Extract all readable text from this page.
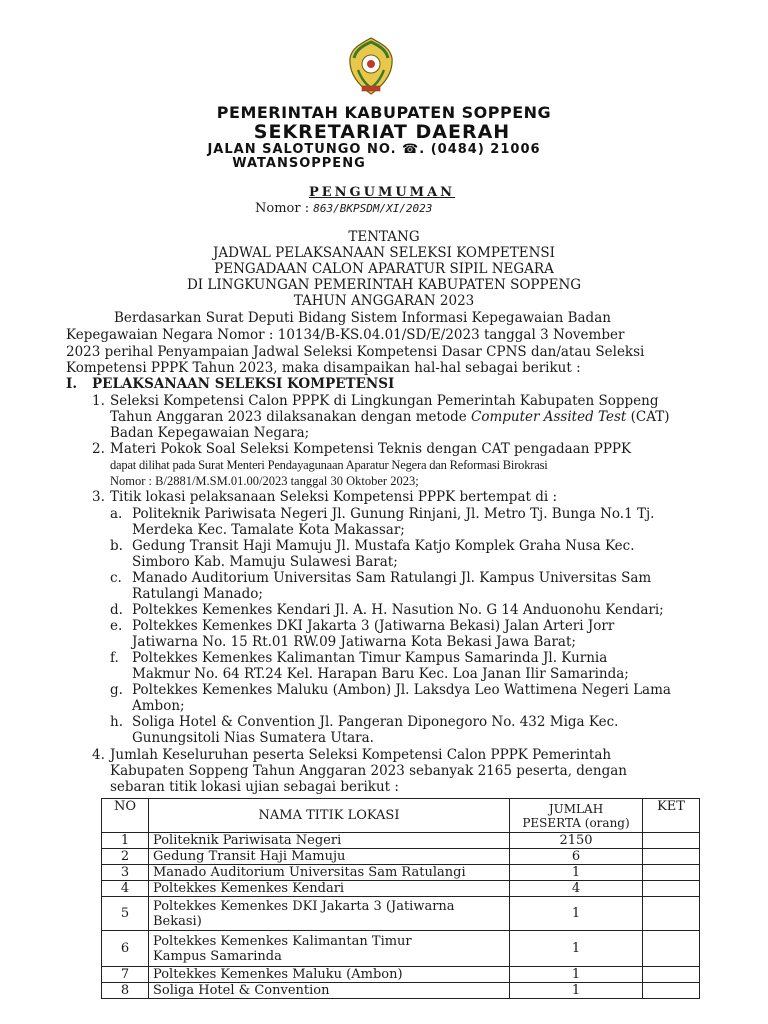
PEMERINTAH KABUPATEN SOPPENG
SEKRETARIAT DAERAH
JALAN SALOTUNGO NO. ☎. (0484) 21006
WATANSOPPENG
PENGUMUMAN
Nomor : 863/BKPSDM/XI/2023
TENTANG
JADWAL PELAKSANAAN SELEKSI KOMPETENSI
PENGADAAN CALON APARATUR SIPIL NEGARA
DI LINGKUNGAN PEMERINTAH KABUPATEN SOPPENG
TAHUN ANGGARAN 2023
Berdasarkan Surat Deputi Bidang Sistem Informasi Kepegawaian Badan
Kepegawaian Negara Nomor : 10134/B-KS.04.01/SD/E/2023 tanggal 3 November
2023 perihal Penyampaian Jadwal Seleksi Kompetensi Dasar CPNS dan/atau Seleksi
Kompetensi PPPK Tahun 2023, maka disampaikan hal-hal sebagai berikut :
I. PELAKSANAAN SELEKSI KOMPETENSI
1. Seleksi Kompetensi Calon PPPK di Lingkungan Pemerintah Kabupaten Soppeng
Tahun Anggaran 2023 dilaksanakan dengan metode Computer Assited Test (CAT)
Badan Kepegawaian Negara;
2. Materi Pokok Soal Seleksi Kompetensi Teknis dengan CAT pengadaan PPPK
dapat dilihat pada Surat Menteri Pendayagunaan Aparatur Negera dan Reformasi Birokrasi
Nomor : B/2881/M.SM.01.00/2023 tanggal 30 Oktober 2023;
3. Titik lokasi pelaksanaan Seleksi Kompetensi PPPK bertempat di :
a. Politeknik Pariwisata Negeri Jl. Gunung Rinjani, Jl. Metro Tj. Bunga No.1 Tj.
Merdeka Kec. Tamalate Kota Makassar;
b. Gedung Transit Haji Mamuju Jl. Mustafa Katjo Komplek Graha Nusa Kec.
Simboro Kab. Mamuju Sulawesi Barat;
c. Manado Auditorium Universitas Sam Ratulangi Jl. Kampus Universitas Sam
Ratulangi Manado;
d. Poltekkes Kemenkes Kendari Jl. A. H. Nasution No. G 14 Anduonohu Kendari;
e. Poltekkes Kemenkes DKI Jakarta 3 (Jatiwarna Bekasi) Jalan Arteri Jorr
Jatiwarna No. 15 Rt.01 RW.09 Jatiwarna Kota Bekasi Jawa Barat;
f. Poltekkes Kemenkes Kalimantan Timur Kampus Samarinda Jl. Kurnia
Makmur No. 64 RT.24 Kel. Harapan Baru Kec. Loa Janan Ilir Samarinda;
g. Poltekkes Kemenkes Maluku (Ambon) Jl. Laksdya Leo Wattimena Negeri Lama
Ambon;
h. Soliga Hotel & Convention Jl. Pangeran Diponegoro No. 432 Miga Kec.
Gunungsitoli Nias Sumatera Utara.
4. Jumlah Keseluruhan peserta Seleksi Kompetensi Calon PPPK Pemerintah
Kabupaten Soppeng Tahun Anggaran 2023 sebanyak 2165 peserta, dengan
sebaran titik lokasi ujian sebagai berikut :
NO	NAMA TITIK LOKASI	JUMLAH
PESERTA (orang)	KET
1	Politeknik Pariwisata Negeri	2150	
2	Gedung Transit Haji Mamuju	6	
3	Manado Auditorium Universitas Sam Ratulangi	1	
4	Poltekkes Kemenkes Kendari	4	
5	Poltekkes Kemenkes DKI Jakarta 3 (Jatiwarna
Bekasi)	1	
6	Poltekkes Kemenkes Kalimantan Timur
Kampus Samarinda	1	
7	Poltekkes Kemenkes Maluku (Ambon)	1	
8	Soliga Hotel & Convention	1	
